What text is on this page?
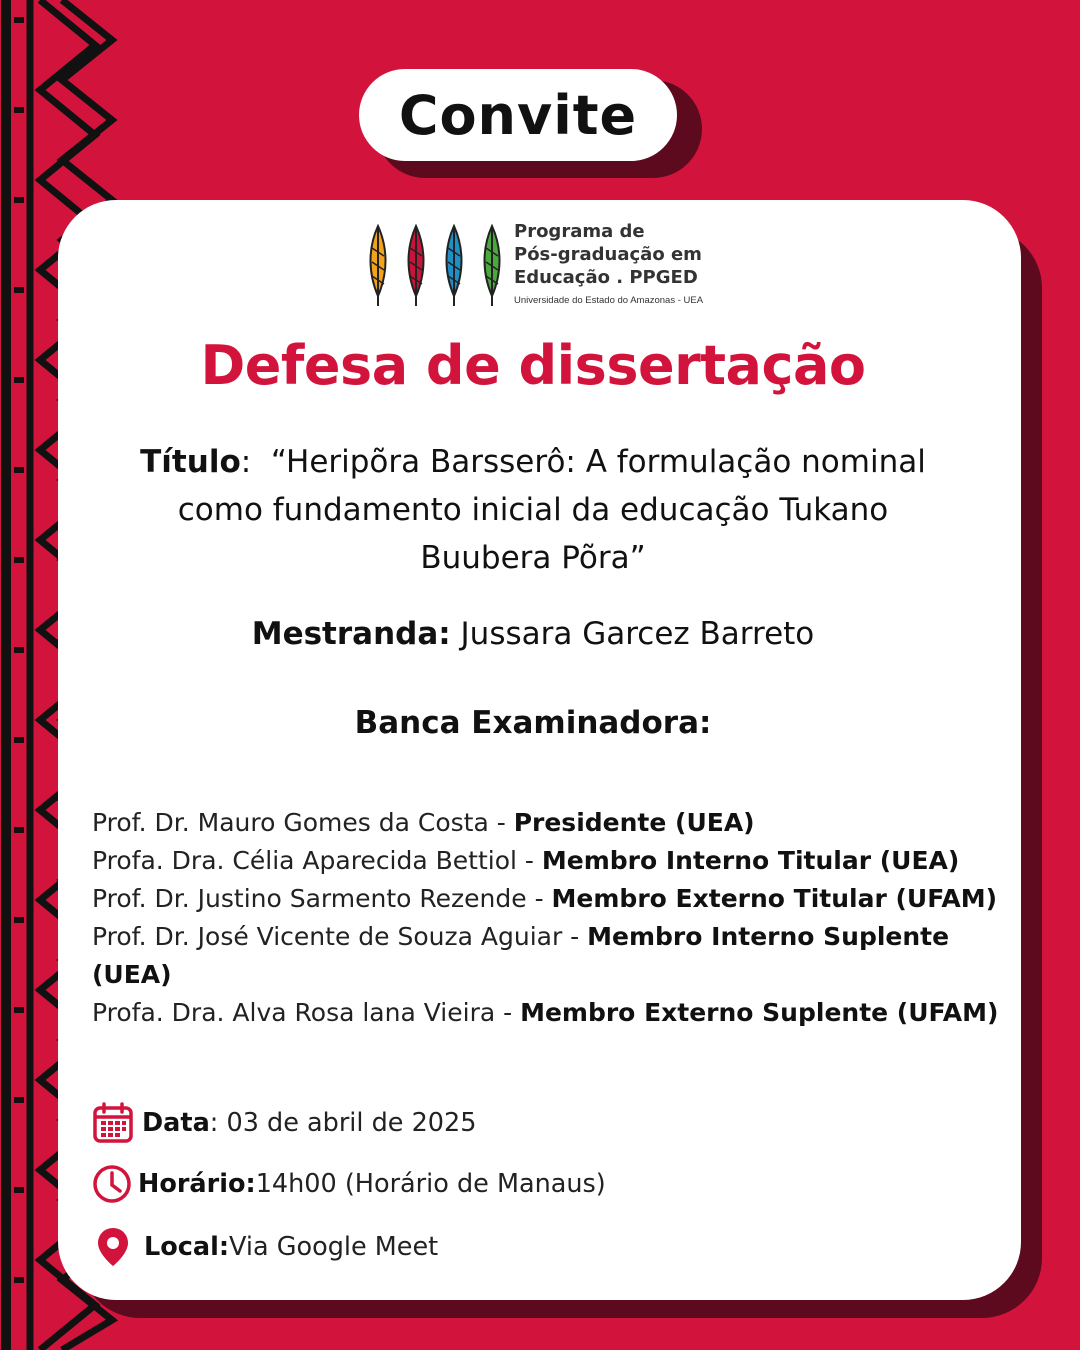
Convite
Programa de
Pós-graduação em
Educação . PPGED
Universidade do Estado do Amazonas - UEA
Defesa de dissertação
Título:  “Heripõra Barsserô: A formulação nominal como fundamento inicial da educação Tukano Buubera Põra”
Mestranda: Jussara Garcez Barreto
Banca Examinadora:
Prof. Dr. Mauro Gomes da Costa - Presidente (UEA)
Profa. Dra. Célia Aparecida Bettiol - Membro Interno Titular (UEA)
Prof. Dr. Justino Sarmento Rezende - Membro Externo Titular (UFAM)
Prof. Dr. José Vicente de Souza Aguiar - Membro Interno Suplente (UEA)
Profa. Dra. Alva Rosa lana Vieira - Membro Externo Suplente (UFAM)
Data : 03 de abril de 2025
Horário: 14h00 (Horário de Manaus)
Local: Via Google Meet
